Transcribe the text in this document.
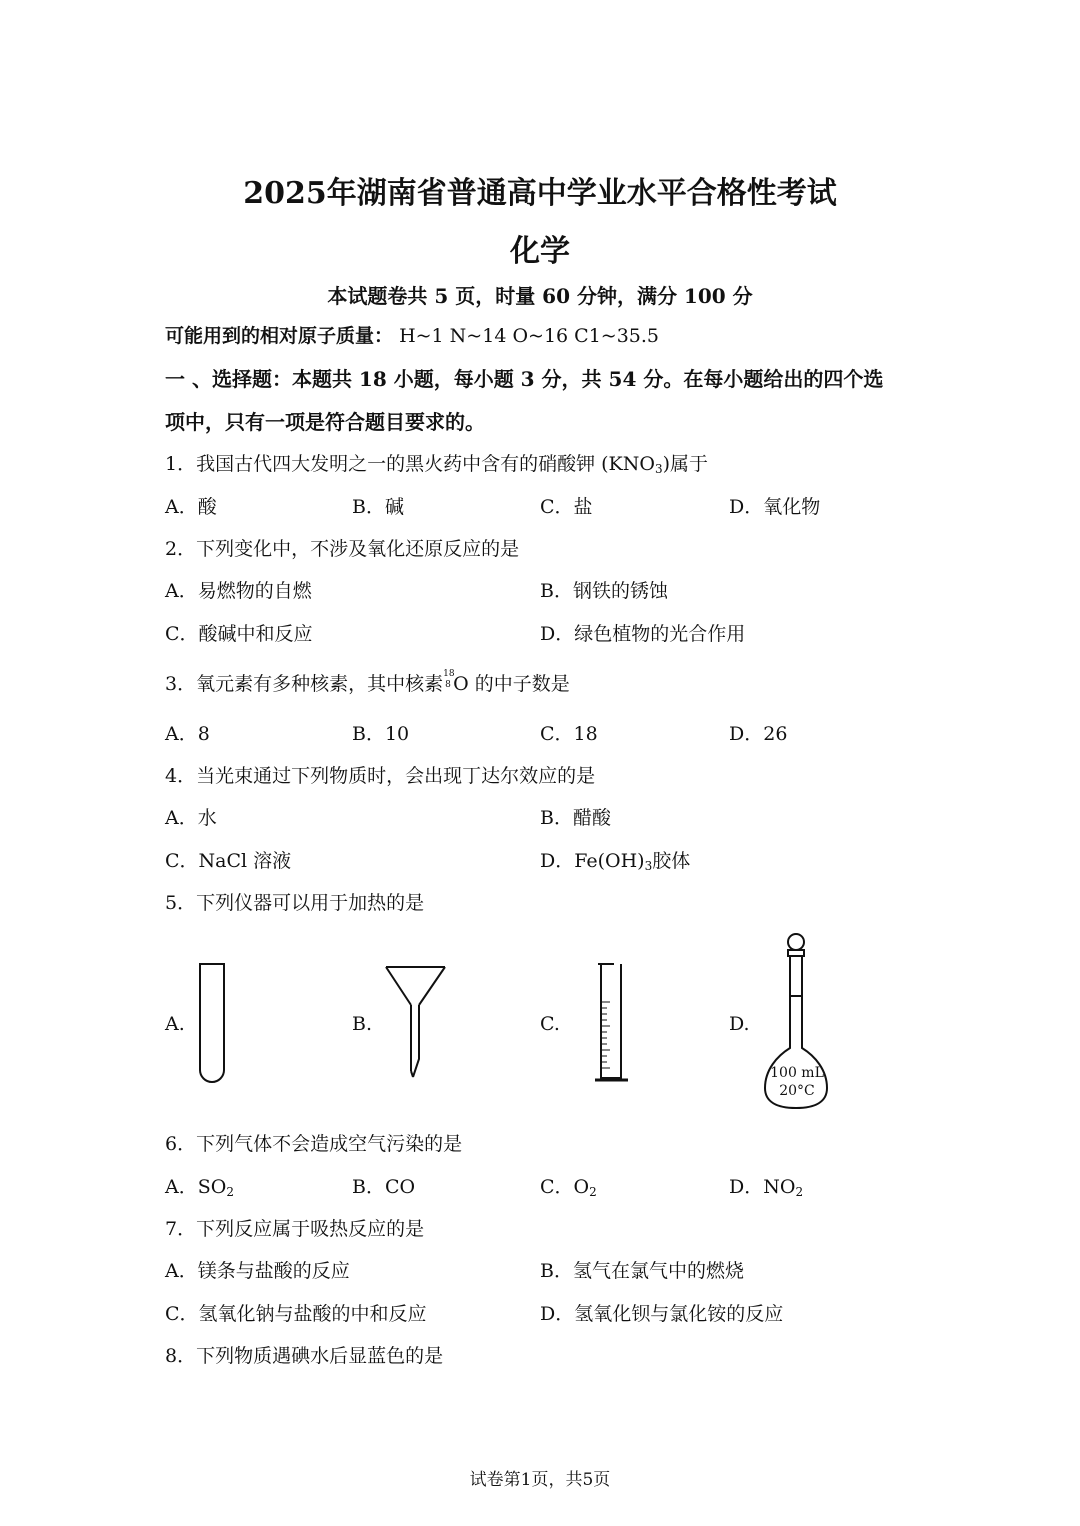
2025年湖南省普通高中学业水平合格性考试
化学
本试题卷共 5 页，时量 60 分钟，满分 100 分
可能用到的相对原子质量： H~1 N~14 O~16 C1~35.5
一 、选择题：本题共 18 小题，每小题 3 分，共 54 分。在每小题给出的四个选
项中，只有一项是符合题目要求的。
1．我国古代四大发明之一的黑火药中含有的硝酸钾 $(KNO_3)$属于
A．酸	B．碱	C．盐	D．氧化物
2．下列变化中，不涉及氧化还原反应的是
A．易燃物的自燃	B．钢铁的锈蚀
C．酸碱中和反应	D．绿色植物的光合作用
3．氧元素有多种核素，其中核素 18
8 O 的中子数是
A．8	B．10	C．18	D．26
4．当光束通过下列物质时，会出现丁达尔效应的是
A．水	B．醋酸
C．NaCl 溶液	D．$Fe(OH)_3$胶体
5．下列仪器可以用于加热的是
A.	B.	C.	D.
100 mL
20°C
6．下列气体不会造成空气污染的是
A．$SO_2$	B．CO	C．$O_2$	D．$NO_2$
7．下列反应属于吸热反应的是
A．镁条与盐酸的反应	B．氢气在氯气中的燃烧
C．氢氧化钠与盐酸的中和反应	D．氢氧化钡与氯化铵的反应
8．下列物质遇碘水后显蓝色的是
试卷第1页，共5页
